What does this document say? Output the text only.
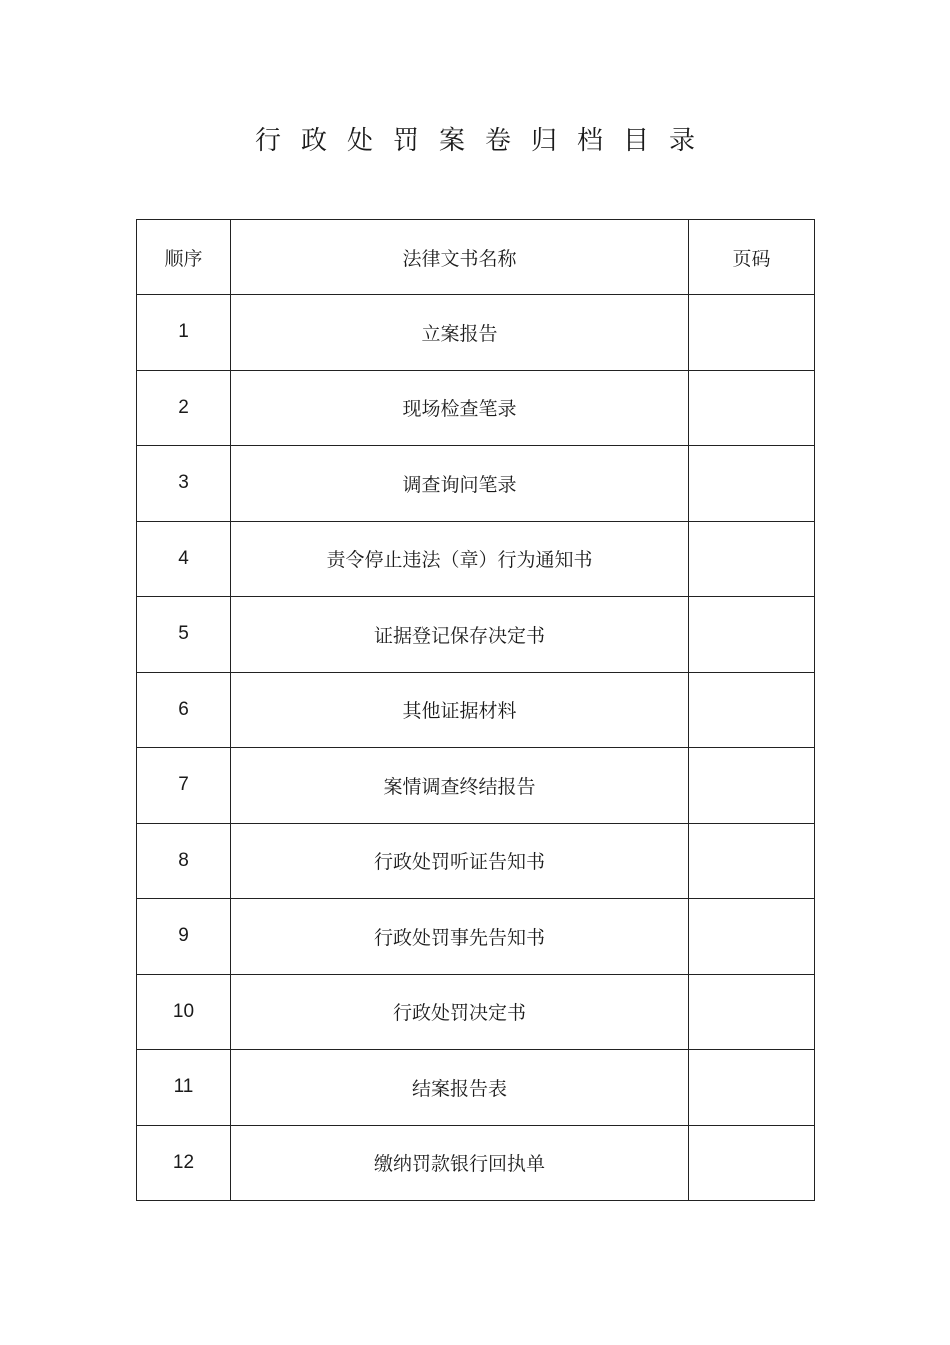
行政处罚案卷归档目录
顺序	法律文书名称	页码
1	立案报告	
2	现场检查笔录	
3	调查询问笔录	
4	责令停止违法（章）行为通知书	
5	证据登记保存决定书	
6	其他证据材料	
7	案情调查终结报告	
8	行政处罚听证告知书	
9	行政处罚事先告知书	
10	行政处罚决定书	
11	结案报告表	
12	缴纳罚款银行回执单	
